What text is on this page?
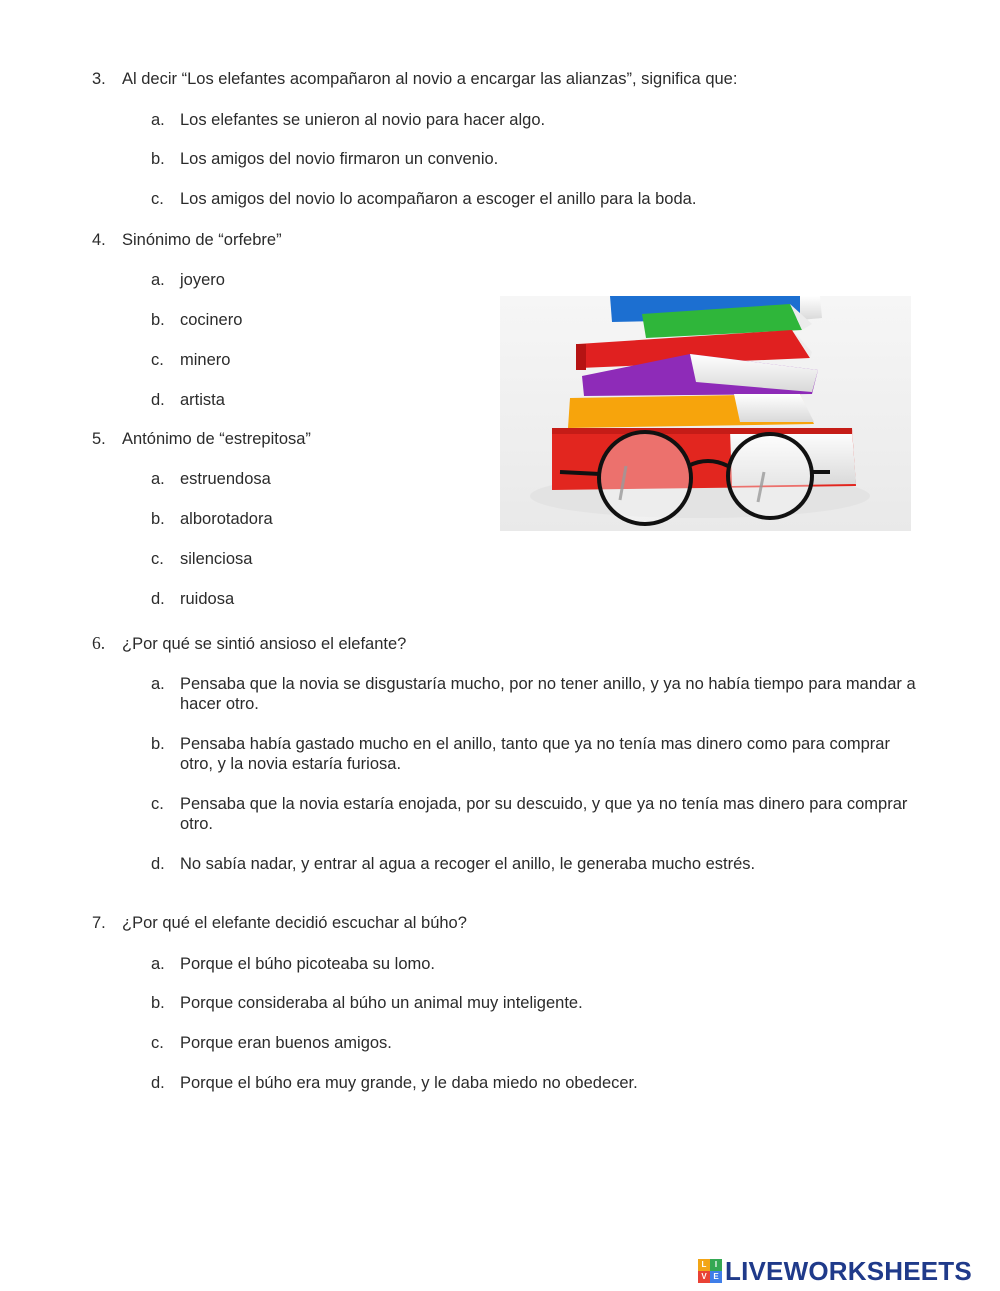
3. Al decir “Los elefantes acompañaron al novio a encargar las alianzas”, significa que:
a. Los elefantes se unieron al novio para hacer algo.
b. Los amigos del novio firmaron un convenio.
c. Los amigos del novio lo acompañaron a escoger el anillo para la boda.
4. Sinónimo de “orfebre”
a. joyero
b. cocinero
c. minero
d. artista
5. Antónimo de “estrepitosa”
a. estruendosa
b. alborotadora
c. silenciosa
d. ruidosa
6. ¿Por qué se sintió ansioso el elefante?
a. Pensaba que la novia se disgustaría mucho, por no tener anillo, y ya no había tiempo para mandar a hacer otro.
b. Pensaba había gastado mucho en el anillo, tanto que ya no tenía mas dinero como para comprar otro, y la novia estaría furiosa.
c. Pensaba que la novia estaría enojada, por su descuido, y que ya no tenía mas dinero para comprar otro.
d. No sabía nadar, y entrar al agua a recoger el anillo, le generaba mucho estrés.
7. ¿Por qué el elefante decidió escuchar al búho?
a. Porque el búho picoteaba su lomo.
b. Porque consideraba al búho un animal muy inteligente.
c. Porque eran buenos amigos.
d. Porque el búho era muy grande, y le daba miedo no obedecer.
L	I
V E LIVEWORKSHEETS
